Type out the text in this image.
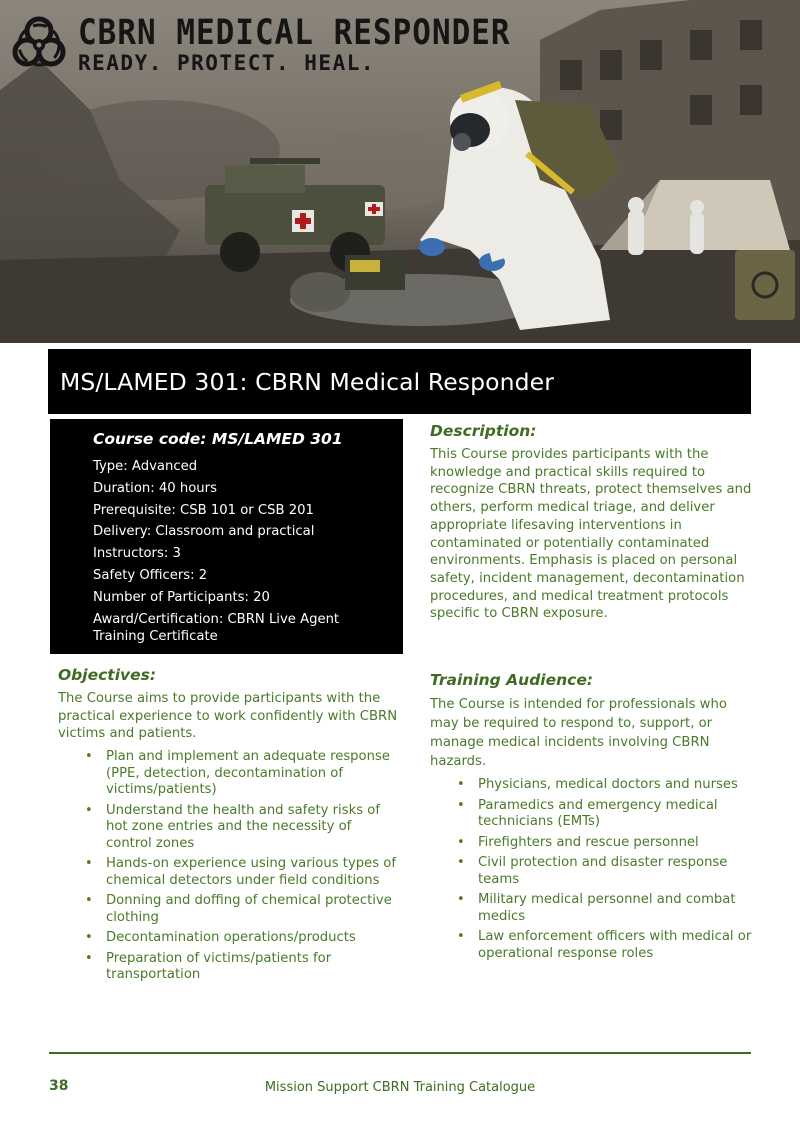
CBRN MEDICAL RESPONDER
READY. PROTECT. HEAL.
MS/LAMED 301: CBRN Medical Responder
Course code: MS/LAMED 301
Type: Advanced
Duration: 40 hours
Prerequisite: CSB 101 or CSB 201
Delivery: Classroom and practical
Instructors: 3
Safety Officers: 2
Number of Participants: 20
Award/Certification: CBRN Live Agent Training Certificate
Description:

This Course provides participants with the knowledge and practical skills required to recognize CBRN threats, protect themselves and others, perform medical triage, and deliver appropriate lifesaving interventions in contaminated or potentially contaminated environments. Emphasis is placed on personal safety, incident management, decontamination procedures, and medical treatment protocols specific to CBRN exposure.

Objectives:

The Course aims to provide participants with the practical experience to work confidently with CBRN victims and patients.

• Plan and implement an adequate response (PPE, detection, decontamination of victims/patients)
• Understand the health and safety risks of hot zone entries and the necessity of control zones
• Hands-on experience using various types of chemical detectors under field conditions
• Donning and doffing of chemical protective clothing
• Decontamination operations/products
• Preparation of victims/patients for transportation
Training Audience:

The Course is intended for professionals who may be required to respond to, support, or manage medical incidents involving CBRN hazards.

• Physicians, medical doctors and nurses
• Paramedics and emergency medical technicians (EMTs)
• Firefighters and rescue personnel
• Civil protection and disaster response teams
• Military medical personnel and combat medics
• Law enforcement officers with medical or operational response roles
38	Mission Support CBRN Training Catalogue
